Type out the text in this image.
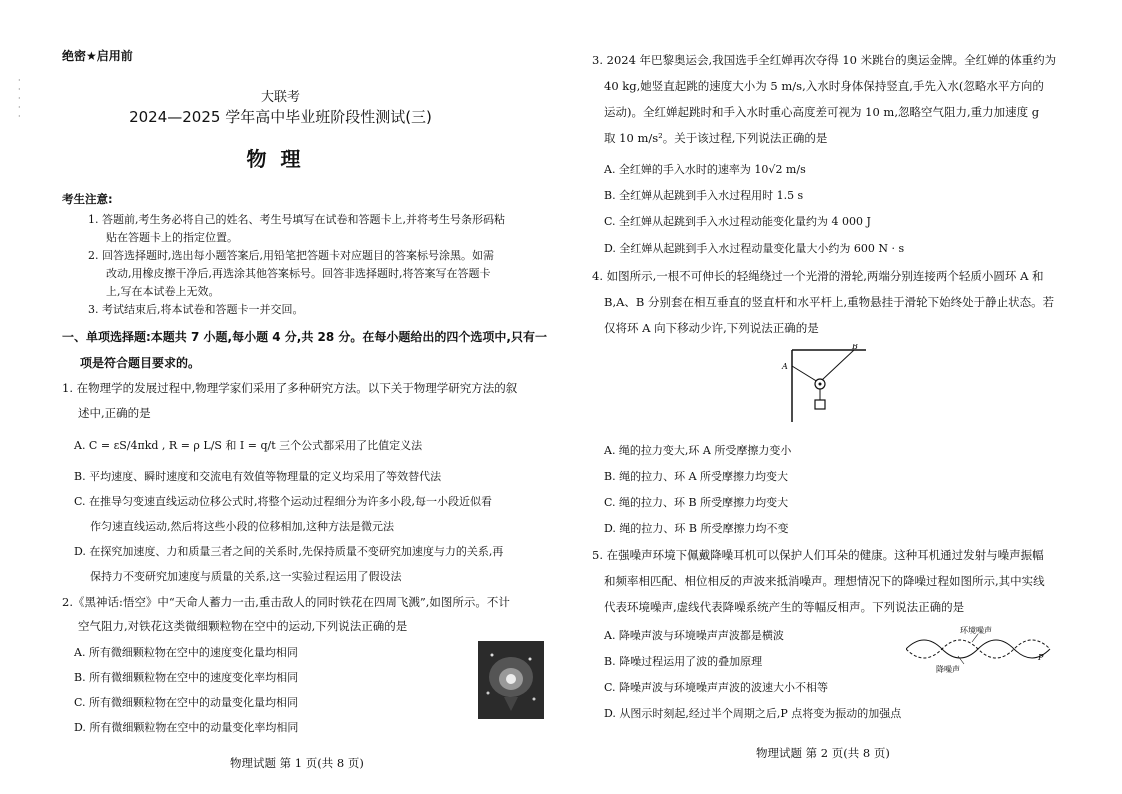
·
·
·
·
·
绝密★启用前
大联考
2024—2025 学年高中毕业班阶段性测试(三)
物理
考生注意:
1. 答题前,考生务必将自己的姓名、考生号填写在试卷和答题卡上,并将考生号条形码粘
贴在答题卡上的指定位置。
2. 回答选择题时,选出每小题答案后,用铅笔把答题卡对应题目的答案标号涂黑。如需
改动,用橡皮擦干净后,再选涂其他答案标号。回答非选择题时,将答案写在答题卡
上,写在本试卷上无效。
3. 考试结束后,将本试卷和答题卡一并交回。
一、单项选择题:本题共 7 小题,每小题 4 分,共 28 分。在每小题给出的四个选项中,只有一
项是符合题目要求的。
1. 在物理学的发展过程中,物理学家们采用了多种研究方法。以下关于物理学研究方法的叙
述中,正确的是
A. C = εS/4πkd , R = ρ L/S 和 I = q/t 三个公式都采用了比值定义法
B. 平均速度、瞬时速度和交流电有效值等物理量的定义均采用了等效替代法
C. 在推导匀变速直线运动位移公式时,将整个运动过程细分为许多小段,每一小段近似看
作匀速直线运动,然后将这些小段的位移相加,这种方法是微元法
D. 在探究加速度、力和质量三者之间的关系时,先保持质量不变研究加速度与力的关系,再
保持力不变研究加速度与质量的关系,这一实验过程运用了假设法
2.《黑神话:悟空》中“天命人蓄力一击,重击敌人的同时铁花在四周飞溅”,如图所示。不计
空气阻力,对铁花这类微细颗粒物在空中的运动,下列说法正确的是
A. 所有微细颗粒物在空中的速度变化量均相同
B. 所有微细颗粒物在空中的速度变化率均相同
C. 所有微细颗粒物在空中的动量变化量均相同
D. 所有微细颗粒物在空中的动量变化率均相同
物理试题 第 1 页(共 8 页)
3. 2024 年巴黎奥运会,我国选手全红婵再次夺得 10 米跳台的奥运金牌。全红婵的体重约为
40 kg,她竖直起跳的速度大小为 5 m/s,入水时身体保持竖直,手先入水(忽略水平方向的
运动)。全红婵起跳时和手入水时重心高度差可视为 10 m,忽略空气阻力,重力加速度 g
取 10 m/s²。关于该过程,下列说法正确的是
A. 全红婵的手入水时的速率为 10√2 m/s
B. 全红婵从起跳到手入水过程用时 1.5 s
C. 全红婵从起跳到手入水过程动能变化量约为 4 000 J
D. 全红婵从起跳到手入水过程动量变化量大小约为 600 N · s
4. 如图所示,一根不可伸长的轻绳绕过一个光滑的滑轮,两端分别连接两个轻质小圆环 A 和
B,A、B 分别套在相互垂直的竖直杆和水平杆上,重物悬挂于滑轮下始终处于静止状态。若
仅将环 A 向下移动少许,下列说法正确的是
A
B
A. 绳的拉力变大,环 A 所受摩擦力变小
B. 绳的拉力、环 A 所受摩擦力均变大
C. 绳的拉力、环 B 所受摩擦力均变大
D. 绳的拉力、环 B 所受摩擦力均不变
5. 在强噪声环境下佩戴降噪耳机可以保护人们耳朵的健康。这种耳机通过发射与噪声振幅
和频率相匹配、相位相反的声波来抵消噪声。理想情况下的降噪过程如图所示,其中实线
代表环境噪声,虚线代表降噪系统产生的等幅反相声。下列说法正确的是
A. 降噪声波与环境噪声声波都是横波
B. 降噪过程运用了波的叠加原理
C. 降噪声波与环境噪声声波的波速大小不相等
D. 从图示时刻起,经过半个周期之后,P 点将变为振动的加强点
环境噪声
降噪声
P
物理试题 第 2 页(共 8 页)
